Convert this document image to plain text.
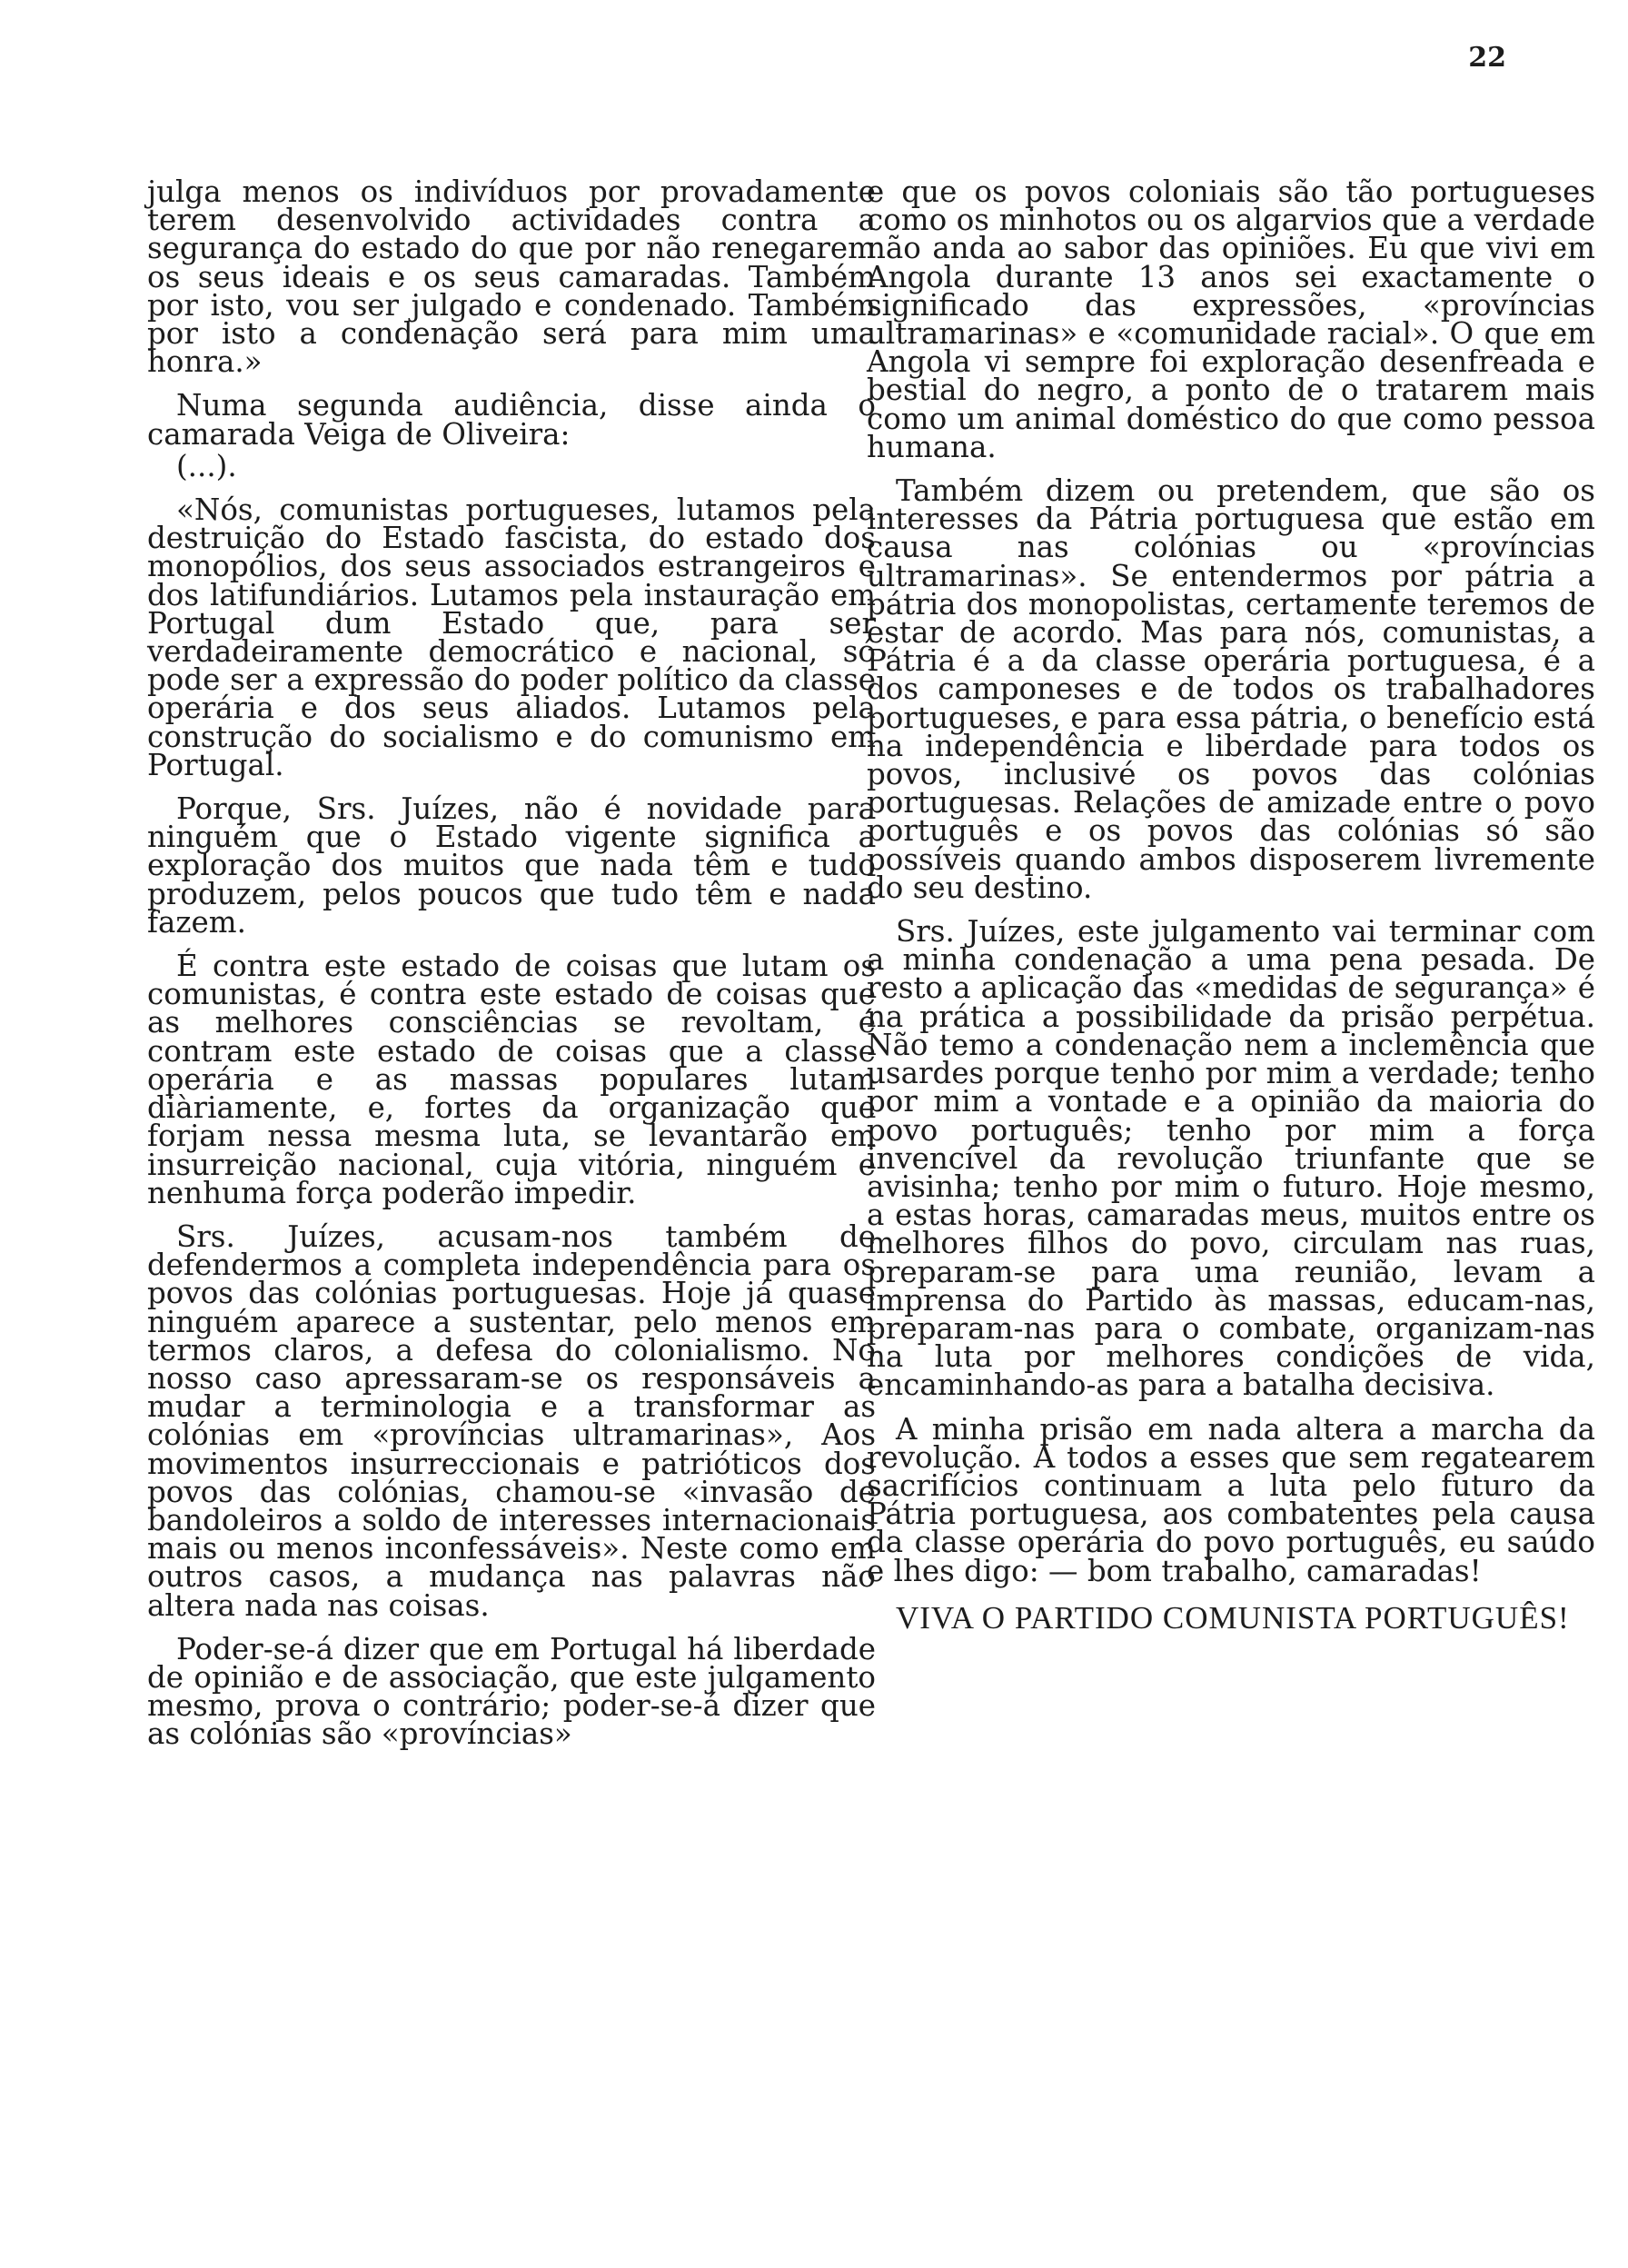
22

julga menos os indivíduos por provadamente terem desenvolvido actividades contra a segurança do estado do que por não renegarem os seus ideais e os seus camaradas. Também por isto, vou ser julgado e condenado. Também por isto a condenação será para mim uma honra.»

Numa segunda audiência, disse ainda o camarada Veiga de Oliveira:

(...).

«Nós, comunistas portugueses, lutamos pela destruição do Estado fascista, do estado dos monopólios, dos seus associados estrangeiros e dos latifundiários. Lutamos pela instauração em Portugal dum Estado que, para ser verdadeiramente democrático e nacional, só pode ser a expressão do poder político da classe operária e dos seus aliados. Lutamos pela construção do socialismo e do comunismo em Portugal.

Porque, Srs. Juízes, não é novidade para ninguém que o Estado vigente significa a exploração dos muitos que nada têm e tudo produzem, pelos poucos que tudo têm e nada fazem.

É contra este estado de coisas que lutam os comunistas, é contra este estado de coisas que as melhores consciências se revoltam, é contram este estado de coisas que a classe operária e as massas populares lutam diàriamente, e, fortes da organização que forjam nessa mesma luta, se levantarão em insurreição nacional, cuja vitória, ninguém e nenhuma força poderão impedir.

Srs. Juízes, acusam-nos também de defendermos a completa independência para os povos das colónias portuguesas. Hoje já quase ninguém aparece a sustentar, pelo menos em termos claros, a defesa do colonialismo. No nosso caso apressaram-se os responsáveis a mudar a terminologia e a transformar as colónias em «províncias ultramarinas», Aos movimentos insurreccionais e patrióticos dos povos das colónias, chamou-se «invasão de bandoleiros a soldo de interesses internacionais mais ou menos inconfessáveis». Neste como em outros casos, a mudança nas palavras não altera nada nas coisas.

Poder-se-á dizer que em Portugal há liberdade de opinião e de associação, que este julgamento mesmo, prova o contrário; poder-se-á dizer que as colónias são «províncias»

e que os povos coloniais são tão portugueses como os minhotos ou os algarvios que a verdade não anda ao sabor das opiniões. Eu que vivi em Angola durante 13 anos sei exactamente o significado das expressões, «províncias ultramarinas» e «comunidade racial». O que em Angola vi sempre foi exploração desenfreada e bestial do negro, a ponto de o tratarem mais como um animal doméstico do que como pessoa humana.

Também dizem ou pretendem, que são os interesses da Pátria portuguesa que estão em causa nas colónias ou «províncias ultramarinas». Se entendermos por pátria a pátria dos monopolistas, certamente teremos de estar de acordo. Mas para nós, comunistas, a Pátria é a da classe operária portuguesa, é a dos camponeses e de todos os trabalhadores portugueses, e para essa pátria, o benefício está na independência e liberdade para todos os povos, inclusivé os povos das colónias portuguesas. Relações de amizade entre o povo português e os povos das colónias só são possíveis quando ambos disposerem livremente do seu destino.

Srs. Juízes, este julgamento vai terminar com a minha condenação a uma pena pesada. De resto a aplicação das «medidas de segurança» é na prática a possibilidade da prisão perpétua. Não temo a condenação nem a inclemência que usardes porque tenho por mim a verdade; tenho por mim a vontade e a opinião da maioria do povo português; tenho por mim a força invencível da revolução triunfante que se avisinha; tenho por mim o futuro. Hoje mesmo, a estas horas, camaradas meus, muitos entre os melhores filhos do povo, circulam nas ruas, preparam-se para uma reunião, levam a imprensa do Partido às massas, educam-nas, preparam-nas para o combate, organizam-nas na luta por melhores condições de vida, encaminhando-as para a batalha decisiva.

A minha prisão em nada altera a marcha da revolução. A todos a esses que sem regatearem sacrifícios continuam a luta pelo futuro da Pátria portuguesa, aos combatentes pela causa da classe operária do povo português, eu saúdo e lhes digo: — bom trabalho, camaradas!

VIVA O PARTIDO COMUNISTA PORTUGUÊS!
